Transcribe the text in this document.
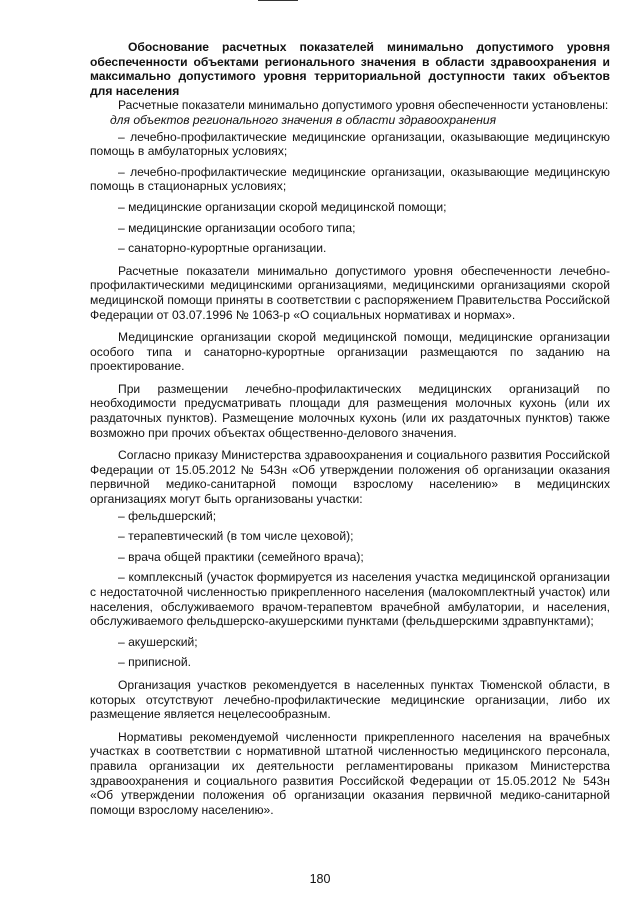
Обоснование расчетных показателей минимально допустимого уровня обеспеченности объектами регионального значения в области здравоохранения и максимально допустимого уровня территориальной доступности таких объектов для населения

Расчетные показатели минимально допустимого уровня обеспеченности установлены:

для объектов регионального значения в области здравоохранения

– лечебно-профилактические медицинские организации, оказывающие медицинскую помощь в амбулаторных условиях;

– лечебно-профилактические медицинские организации, оказывающие медицинскую помощь в стационарных условиях;

– медицинские организации скорой медицинской помощи;

– медицинские организации особого типа;

– санаторно-курортные организации.

Расчетные показатели минимально допустимого уровня обеспеченности лечебно-профилактическими медицинскими организациями, медицинскими организациями скорой медицинской помощи приняты в соответствии с распоряжением Правительства Российской Федерации от 03.07.1996 № 1063-р «О социальных нормативах и нормах».

Медицинские организации скорой медицинской помощи, медицинские организации особого типа и санаторно-курортные организации размещаются по заданию на проектирование.

При размещении лечебно-профилактических медицинских организаций по необходимости предусматривать площади для размещения молочных кухонь (или их раздаточных пунктов). Размещение молочных кухонь (или их раздаточных пунктов) также возможно при прочих объектах общественно-делового значения.

Согласно приказу Министерства здравоохранения и социального развития Российской Федерации от 15.05.2012 № 543н «Об утверждении положения об организации оказания первичной медико-санитарной помощи взрослому населению» в медицинских организациях могут быть организованы участки:

– фельдшерский;

– терапевтический (в том числе цеховой);

– врача общей практики (семейного врача);

– комплексный (участок формируется из населения участка медицинской организации с недостаточной численностью прикрепленного населения (малокомплектный участок) или населения, обслуживаемого врачом-терапевтом врачебной амбулатории, и населения, обслуживаемого фельдшерско-акушерскими пунктами (фельдшерскими здравпунктами);

– акушерский;

– приписной.

Организация участков рекомендуется в населенных пунктах Тюменской области, в которых отсутствуют лечебно-профилактические медицинские организации, либо их размещение является нецелесообразным.

Нормативы рекомендуемой численности прикрепленного населения на врачебных участках в соответствии с нормативной штатной численностью медицинского персонала, правила организации их деятельности регламентированы приказом Министерства здравоохранения и социального развития Российской Федерации от 15.05.2012 № 543н «Об утверждении положения об организации оказания первичной медико-санитарной помощи взрослому населению».

180
